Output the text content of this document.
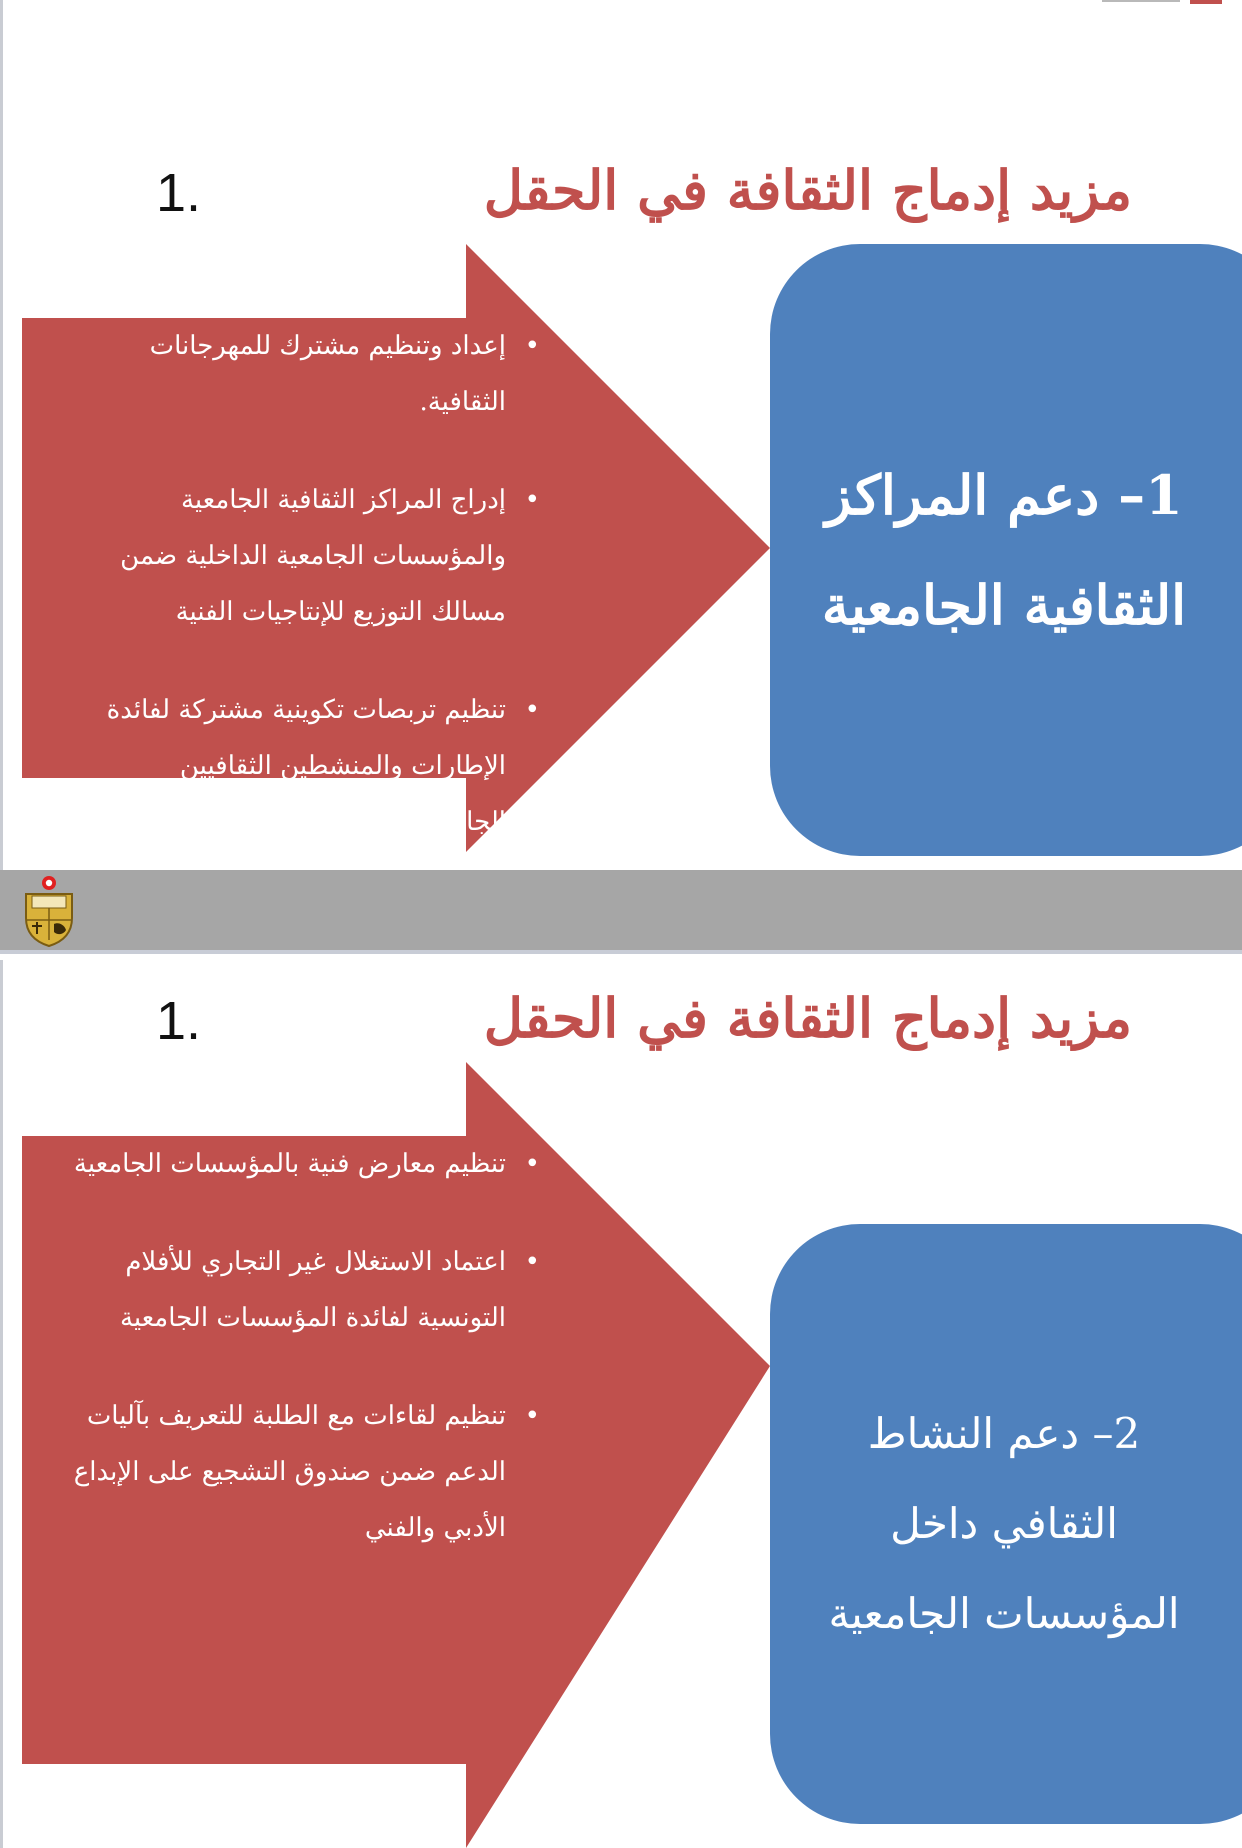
مزيد إدماج الثقافة في الحقل
1.
• إعداد وتنظيم مشترك للمهرجانات الثقافية.
• إدراج المراكز الثقافية الجامعية والمؤسسات الجامعية الداخلية ضمن مسالك التوزيع للإنتاجيات الفنية
• تنظيم تربصات تكوينية مشتركة لفائدة الإطارات والمنشطين الثقافيين الجامعيين
1– دعم المراكز
الثقافية الجامعية
مزيد إدماج الثقافة في الحقل
1.
• تنظيم معارض فنية بالمؤسسات الجامعية
• اعتماد الاستغلال غير التجاري للأفلام التونسية لفائدة المؤسسات الجامعية
• تنظيم لقاءات مع الطلبة للتعريف بآليات الدعم ضمن صندوق التشجيع على الإبداع الأدبي والفني
2– دعم النشاط
الثقافي داخل
المؤسسات الجامعية
